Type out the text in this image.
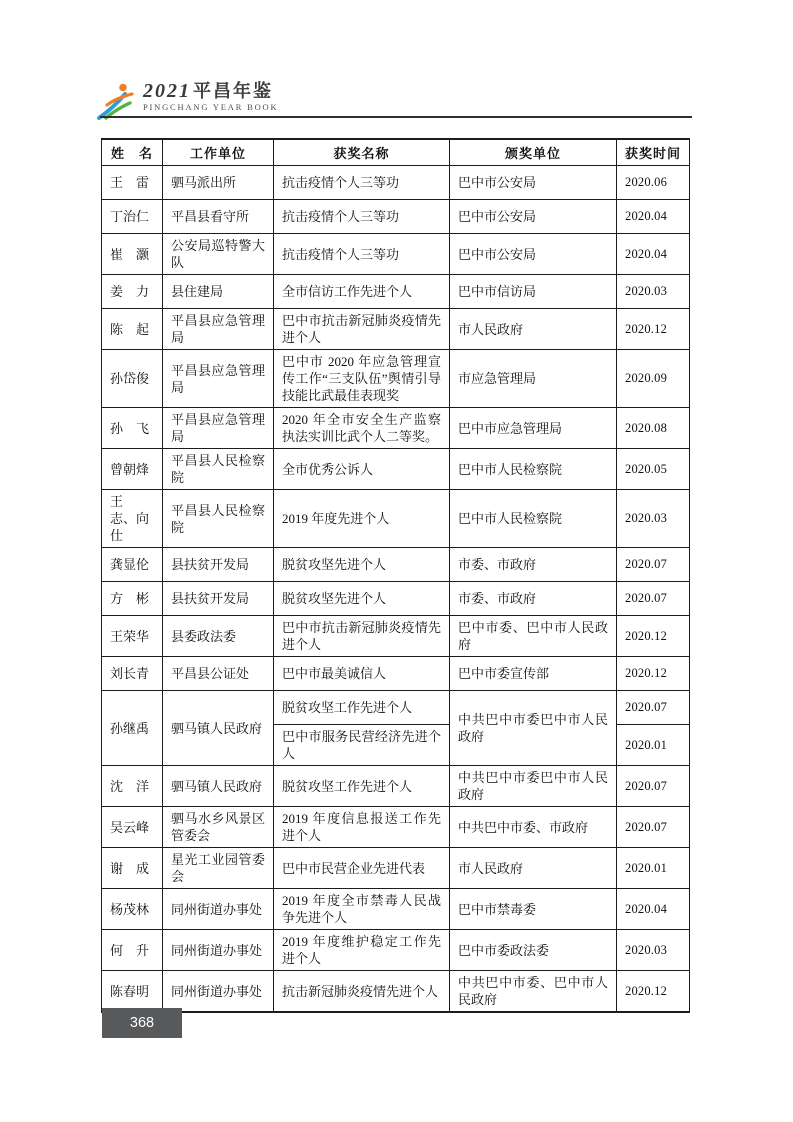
2021 平昌年鉴
PINGCHANG YEAR BOOK
姓　名	工作单位	获奖名称	颁奖单位	获奖时间
王　雷	驷马派出所	抗击疫情个人三等功	巴中市公安局	2020.06
丁治仁	平昌县看守所	抗击疫情个人三等功	巴中市公安局	2020.04
崔　灏	公安局巡特警大队	抗击疫情个人三等功	巴中市公安局	2020.04
姜　力	县住建局	全市信访工作先进个人	巴中市信访局	2020.03
陈　起	平昌县应急管理局	巴中市抗击新冠肺炎疫情先进个人	市人民政府	2020.12
孙岱俊	平昌县应急管理局	巴中市 2020 年应急管理宣传工作“三支队伍”舆情引导技能比武最佳表现奖	市应急管理局	2020.09
孙　飞	平昌县应急管理局	2020 年全市安全生产监察执法实训比武个人二等奖。	巴中市应急管理局	2020.08
曾朝烽	平昌县人民检察院	全市优秀公诉人	巴中市人民检察院	2020.05
王　志、向　仕	平昌县人民检察院	2019 年度先进个人	巴中市人民检察院	2020.03
龚显伦	县扶贫开发局	脱贫攻坚先进个人	市委、市政府	2020.07
方　彬	县扶贫开发局	脱贫攻坚先进个人	市委、市政府	2020.07
王荣华	县委政法委	巴中市抗击新冠肺炎疫情先进个人	巴中市委、巴中市人民政府	2020.12
刘长青	平昌县公证处	巴中市最美诚信人	巴中市委宣传部	2020.12
孙继禹	驷马镇人民政府	脱贫攻坚工作先进个人	中共巴中市委巴中市人民政府	2020.07
		巴中市服务民营经济先进个人		2020.01
沈　洋	驷马镇人民政府	脱贫攻坚工作先进个人	中共巴中市委巴中市人民政府	2020.07
吴云峰	驷马水乡风景区管委会	2019 年度信息报送工作先进个人	中共巴中市委、市政府	2020.07
谢　成	星光工业园管委会	巴中市民营企业先进代表	市人民政府	2020.01
杨茂林	同州街道办事处	2019 年度全市禁毒人民战争先进个人	巴中市禁毒委	2020.04
何　升	同州街道办事处	2019 年度维护稳定工作先进个人	巴中市委政法委	2020.03
陈春明	同州街道办事处	抗击新冠肺炎疫情先进个人	中共巴中市委、巴中市人民政府	2020.12
368
